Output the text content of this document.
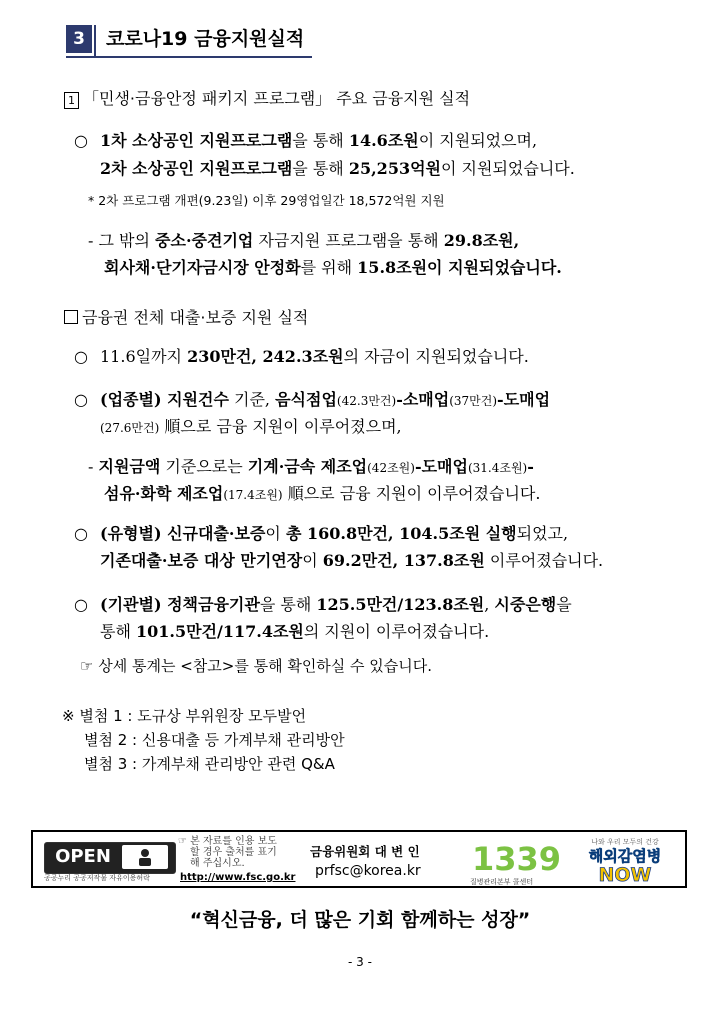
3	코로나19 금융지원실적
1 「민생·금융안정 패키지 프로그램」 주요 금융지원 실적
○ 1차 소상공인 지원프로그램을 통해 14.6조원이 지원되었으며,
2차 소상공인 지원프로그램을 통해 25,253억원이 지원되었습니다.
* 2차 프로그램 개편(9.23일) 이후 29영업일간 18,572억원 지원
- 그 밖의 중소·중견기업 자금지원 프로그램을 통해 29.8조원,
회사채·단기자금시장 안정화를 위해 15.8조원이 지원되었습니다.
금융권 전체 대출·보증 지원 실적
○ 11.6일까지 230만건, 242.3조원의 자금이 지원되었습니다.
○ (업종별) 지원건수 기준, 음식점업(42.3만건)-소매업(37만건)-도매업
(27.6만건) 順으로 금융 지원이 이루어졌으며,
- 지원금액 기준으로는 기계·금속 제조업(42조원)-도매업(31.4조원)-
섬유·화학 제조업(17.4조원) 順으로 금융 지원이 이루어졌습니다.
○ (유형별) 신규대출·보증이 총 160.8만건, 104.5조원 실행되었고,
기존대출·보증 대상 만기연장이 69.2만건, 137.8조원 이루어졌습니다.
○ (기관별) 정책금융기관을 통해 125.5만건/123.8조원, 시중은행을
통해 101.5만건/117.4조원의 지원이 이루어졌습니다.
☞ 상세 통계는 <참고>를 통해 확인하실 수 있습니다.
※ 별첨 1 : 도규상 부위원장 모두발언
별첨 2 : 신용대출 등 가계부채 관리방안
별첨 3 : 가계부채 관리방안 관련 Q&A
OPEN
공공누리 공공저작물 자유이용허락
☞ 본 자료를 인용 보도
할 경우 출처를 표기
해 주십시오.
http://www.fsc.go.kr
금융위원회 대 변 인
prfsc@korea.kr 1339
질병관리본부 콜센터
나와 우리 모두의 건강
해외감염병
NOW
“혁신금융, 더 많은 기회 함께하는 성장”
- 3 -
